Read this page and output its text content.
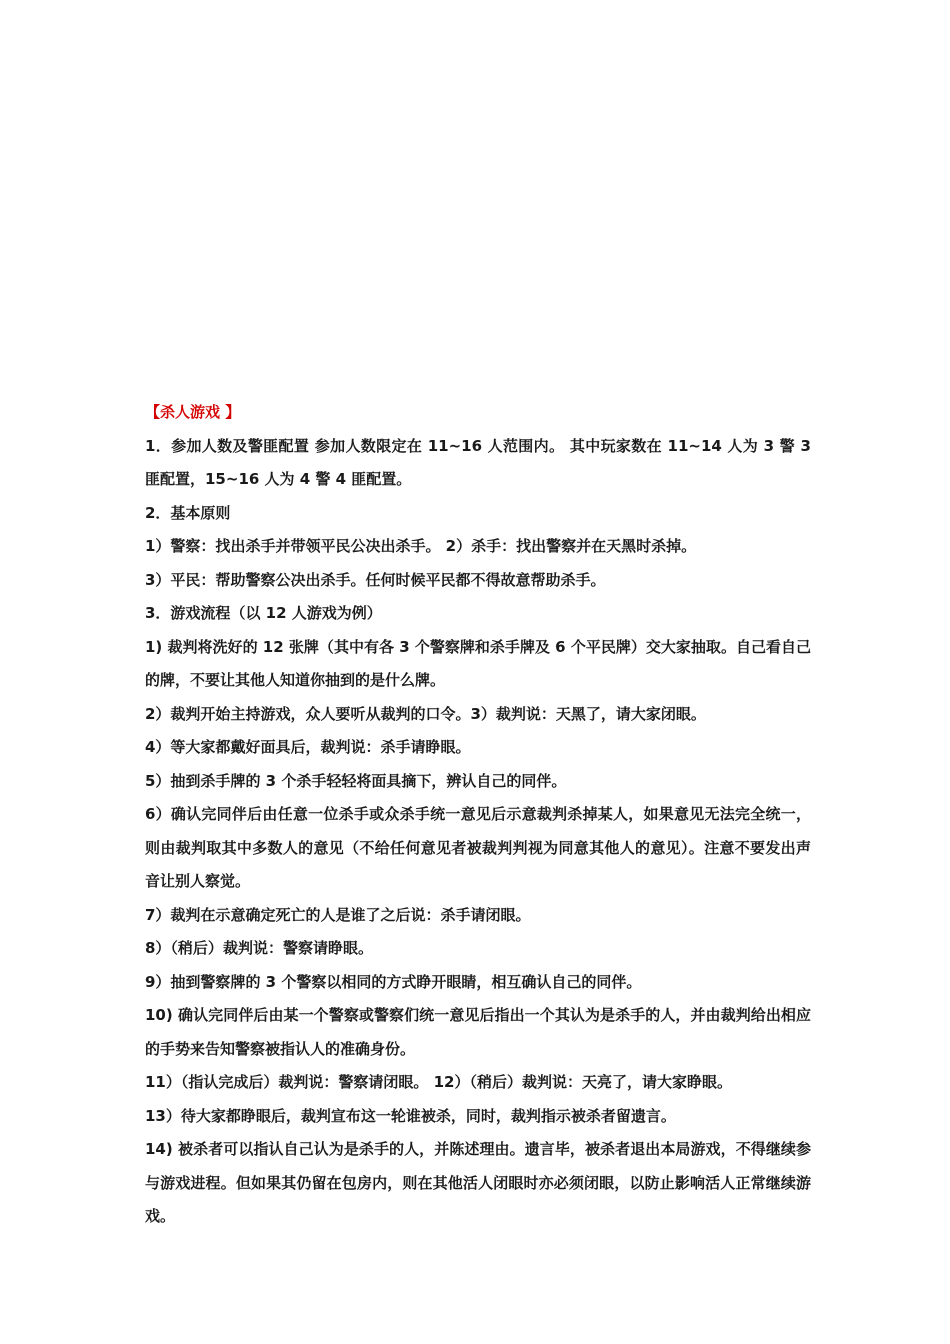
【杀人游戏 】

1．参加人数及警匪配置 参加人数限定在 11~16 人范围内。 其中玩家数在 11~14 人为 3 警 3 匪配置，15~16 人为 4 警 4 匪配置。

2．基本原则

1）警察：找出杀手并带领平民公决出杀手。 2）杀手：找出警察并在天黑时杀掉。

3）平民：帮助警察公决出杀手。任何时候平民都不得故意帮助杀手。

3．游戏流程（以 12 人游戏为例）

1) 裁判将洗好的 12 张牌（其中有各 3 个警察牌和杀手牌及 6 个平民牌）交大家抽取。自己看自己的牌，不要让其他人知道你抽到的是什么牌。

2）裁判开始主持游戏，众人要听从裁判的口令。3）裁判说：天黑了，请大家闭眼。

4）等大家都戴好面具后，裁判说：杀手请睁眼。

5）抽到杀手牌的 3 个杀手轻轻将面具摘下，辨认自己的同伴。

6）确认完同伴后由任意一位杀手或众杀手统一意见后示意裁判杀掉某人，如果意见无法完全统一，则由裁判取其中多数人的意见（不给任何意见者被裁判判视为同意其他人的意见）。注意不要发出声音让别人察觉。

7）裁判在示意确定死亡的人是谁了之后说：杀手请闭眼。

8）（稍后）裁判说：警察请睁眼。

9）抽到警察牌的 3 个警察以相同的方式睁开眼睛，相互确认自己的同伴。

10) 确认完同伴后由某一个警察或警察们统一意见后指出一个其认为是杀手的人，并由裁判给出相应的手势来告知警察被指认人的准确身份。

11）（指认完成后）裁判说：警察请闭眼。 12）（稍后）裁判说：天亮了，请大家睁眼。

13）待大家都睁眼后，裁判宣布这一轮谁被杀，同时，裁判指示被杀者留遗言。

14) 被杀者可以指认自己认为是杀手的人，并陈述理由。遗言毕，被杀者退出本局游戏，不得继续参与游戏进程。但如果其仍留在包房内，则在其他活人闭眼时亦必须闭眼，以防止影响活人正常继续游戏。
